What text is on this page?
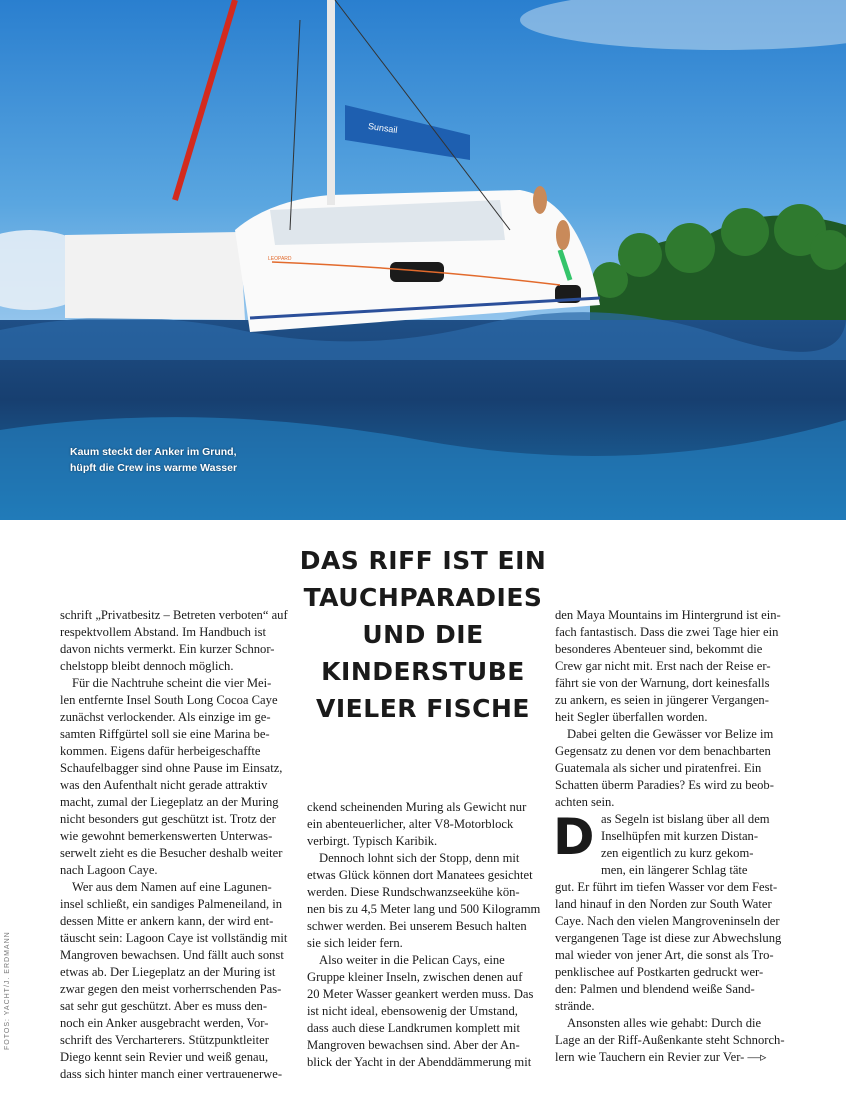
Kaum steckt der Anker im Grund,
hüpft die Crew ins warme Wasser
Sunsail
LEOPARD
FOTOS: YACHT/J. ERDMANN
DAS RIFF IST EIN
TAUCHPARADIES
UND DIE
KINDERSTUBE
VIELER FISCHE
schrift „Privatbesitz – Betreten verboten“ auf
respektvollem Abstand. Im Handbuch ist
davon nichts vermerkt. Ein kurzer Schnor-
chelstopp bleibt dennoch möglich.
Für die Nachtruhe scheint die vier Mei-
len entfernte Insel South Long Cocoa Caye
zunächst verlockender. Als einzige im ge-
samten Riffgürtel soll sie eine Marina be-
kommen. Eigens dafür herbeigeschaffte
Schaufelbagger sind ohne Pause im Einsatz,
was den Aufenthalt nicht gerade attraktiv
macht, zumal der Liegeplatz an der Muring
nicht besonders gut geschützt ist. Trotz der
wie gewohnt bemerkenswerten Unterwas-
serwelt zieht es die Besucher deshalb weiter
nach Lagoon Caye.
Wer aus dem Namen auf eine Lagunen-
insel schließt, ein sandiges Palmeneiland, in
dessen Mitte er ankern kann, der wird ent-
täuscht sein: Lagoon Caye ist vollständig mit
Mangroven bewachsen. Und fällt auch sonst
etwas ab. Der Liegeplatz an der Muring ist
zwar gegen den meist vorherrschenden Pas-
sat sehr gut geschützt. Aber es muss den-
noch ein Anker ausgebracht werden, Vor-
schrift des Vercharterers. Stützpunktleiter
Diego kennt sein Revier und weiß genau,
dass sich hinter manch einer vertrauenerwe-
ckend scheinenden Muring als Gewicht nur
ein abenteuerlicher, alter V8-Motorblock
verbirgt. Typisch Karibik.
Dennoch lohnt sich der Stopp, denn mit
etwas Glück können dort Manatees gesichtet
werden. Diese Rundschwanzseekühe kön-
nen bis zu 4,5 Meter lang und 500 Kilogramm
schwer werden. Bei unserem Besuch halten
sie sich leider fern.
Also weiter in die Pelican Cays, eine
Gruppe kleiner Inseln, zwischen denen auf
20 Meter Wasser geankert werden muss. Das
ist nicht ideal, ebensowenig der Umstand,
dass auch diese Landkrumen komplett mit
Mangroven bewachsen sind. Aber der An-
blick der Yacht in der Abenddämmerung mit
den Maya Mountains im Hintergrund ist ein-
fach fantastisch. Dass die zwei Tage hier ein
besonderes Abenteuer sind, bekommt die
Crew gar nicht mit. Erst nach der Reise er-
fährt sie von der Warnung, dort keinesfalls
zu ankern, es seien in jüngerer Vergangen-
heit Segler überfallen worden.
Dabei gelten die Gewässer vor Belize im
Gegensatz zu denen vor dem benachbarten
Guatemala als sicher und piratenfrei. Ein
Schatten überm Paradies? Es wird zu beob-
achten sein.
D as Segeln ist bislang über all dem
Inselhüpfen mit kurzen Distan-
zen eigentlich zu kurz gekom-
men, ein längerer Schlag täte
gut. Er führt im tiefen Wasser vor dem Fest-
land hinauf in den Norden zur South Water
Caye. Nach den vielen Mangroveninseln der
vergangenen Tage ist diese zur Abwechslung
mal wieder von jener Art, die sonst als Tro-
penklischee auf Postkarten gedruckt wer-
den: Palmen und blendend weiße Sand-
strände.
Ansonsten alles wie gehabt: Durch die
Lage an der Riff-Außenkante steht Schnorch-
lern wie Tauchern ein Revier zur Ver- —▹
